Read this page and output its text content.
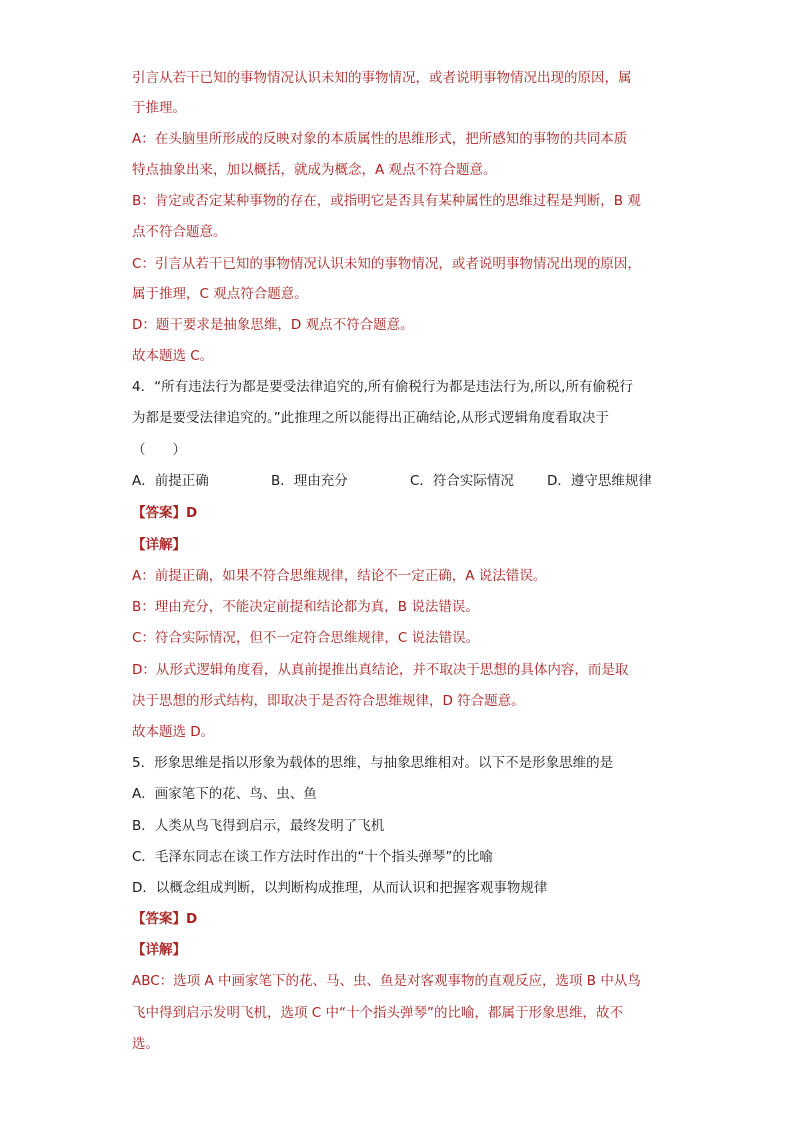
引言从若干已知的事物情况认识未知的事物情况，或者说明事物情况出现的原因，属
于推理。
A：在头脑里所形成的反映对象的本质属性的思维形式，把所感知的事物的共同本质
特点抽象出来，加以概括，就成为概念，A 观点不符合题意。
B：肯定或否定某种事物的存在，或指明它是否具有某种属性的思维过程是判断，B 观
点不符合题意。
C：引言从若干已知的事物情况认识未知的事物情况，或者说明事物情况出现的原因，
属于推理，C 观点符合题意。
D：题干要求是抽象思维，D 观点不符合题意。
故本题选 C。
4．“所有违法行为都是要受法律追究的,所有偷税行为都是违法行为,所以,所有偷税行
为都是要受法律追究的。”此推理之所以能得出正确结论,从形式逻辑角度看取决于
（　　）
A．前提正确	B．理由充分	C．符合实际情况 D．遵守思维规律
【答案】D
【详解】
A：前提正确，如果不符合思维规律，结论不一定正确，A 说法错误。
B：理由充分，不能决定前提和结论都为真，B 说法错误。
C：符合实际情况，但不一定符合思维规律，C 说法错误。
D：从形式逻辑角度看，从真前提推出真结论，并不取决于思想的具体内容，而是取
决于思想的形式结构，即取决于是否符合思维规律，D 符合题意。
故本题选 D。
5．形象思维是指以形象为载体的思维，与抽象思维相对。以下不是形象思维的是
A．画家笔下的花、鸟、虫、鱼
B．人类从鸟飞得到启示，最终发明了飞机
C．毛泽东同志在谈工作方法时作出的“十个指头弹琴”的比喻
D．以概念组成判断，以判断构成推理，从而认识和把握客观事物规律
【答案】D
【详解】
ABC：选项 A 中画家笔下的花、马、虫、鱼是对客观事物的直观反应，选项 B 中从鸟
飞中得到启示发明飞机，选项 C 中“十个指头弹琴”的比喻，都属于形象思维，故不
选。
